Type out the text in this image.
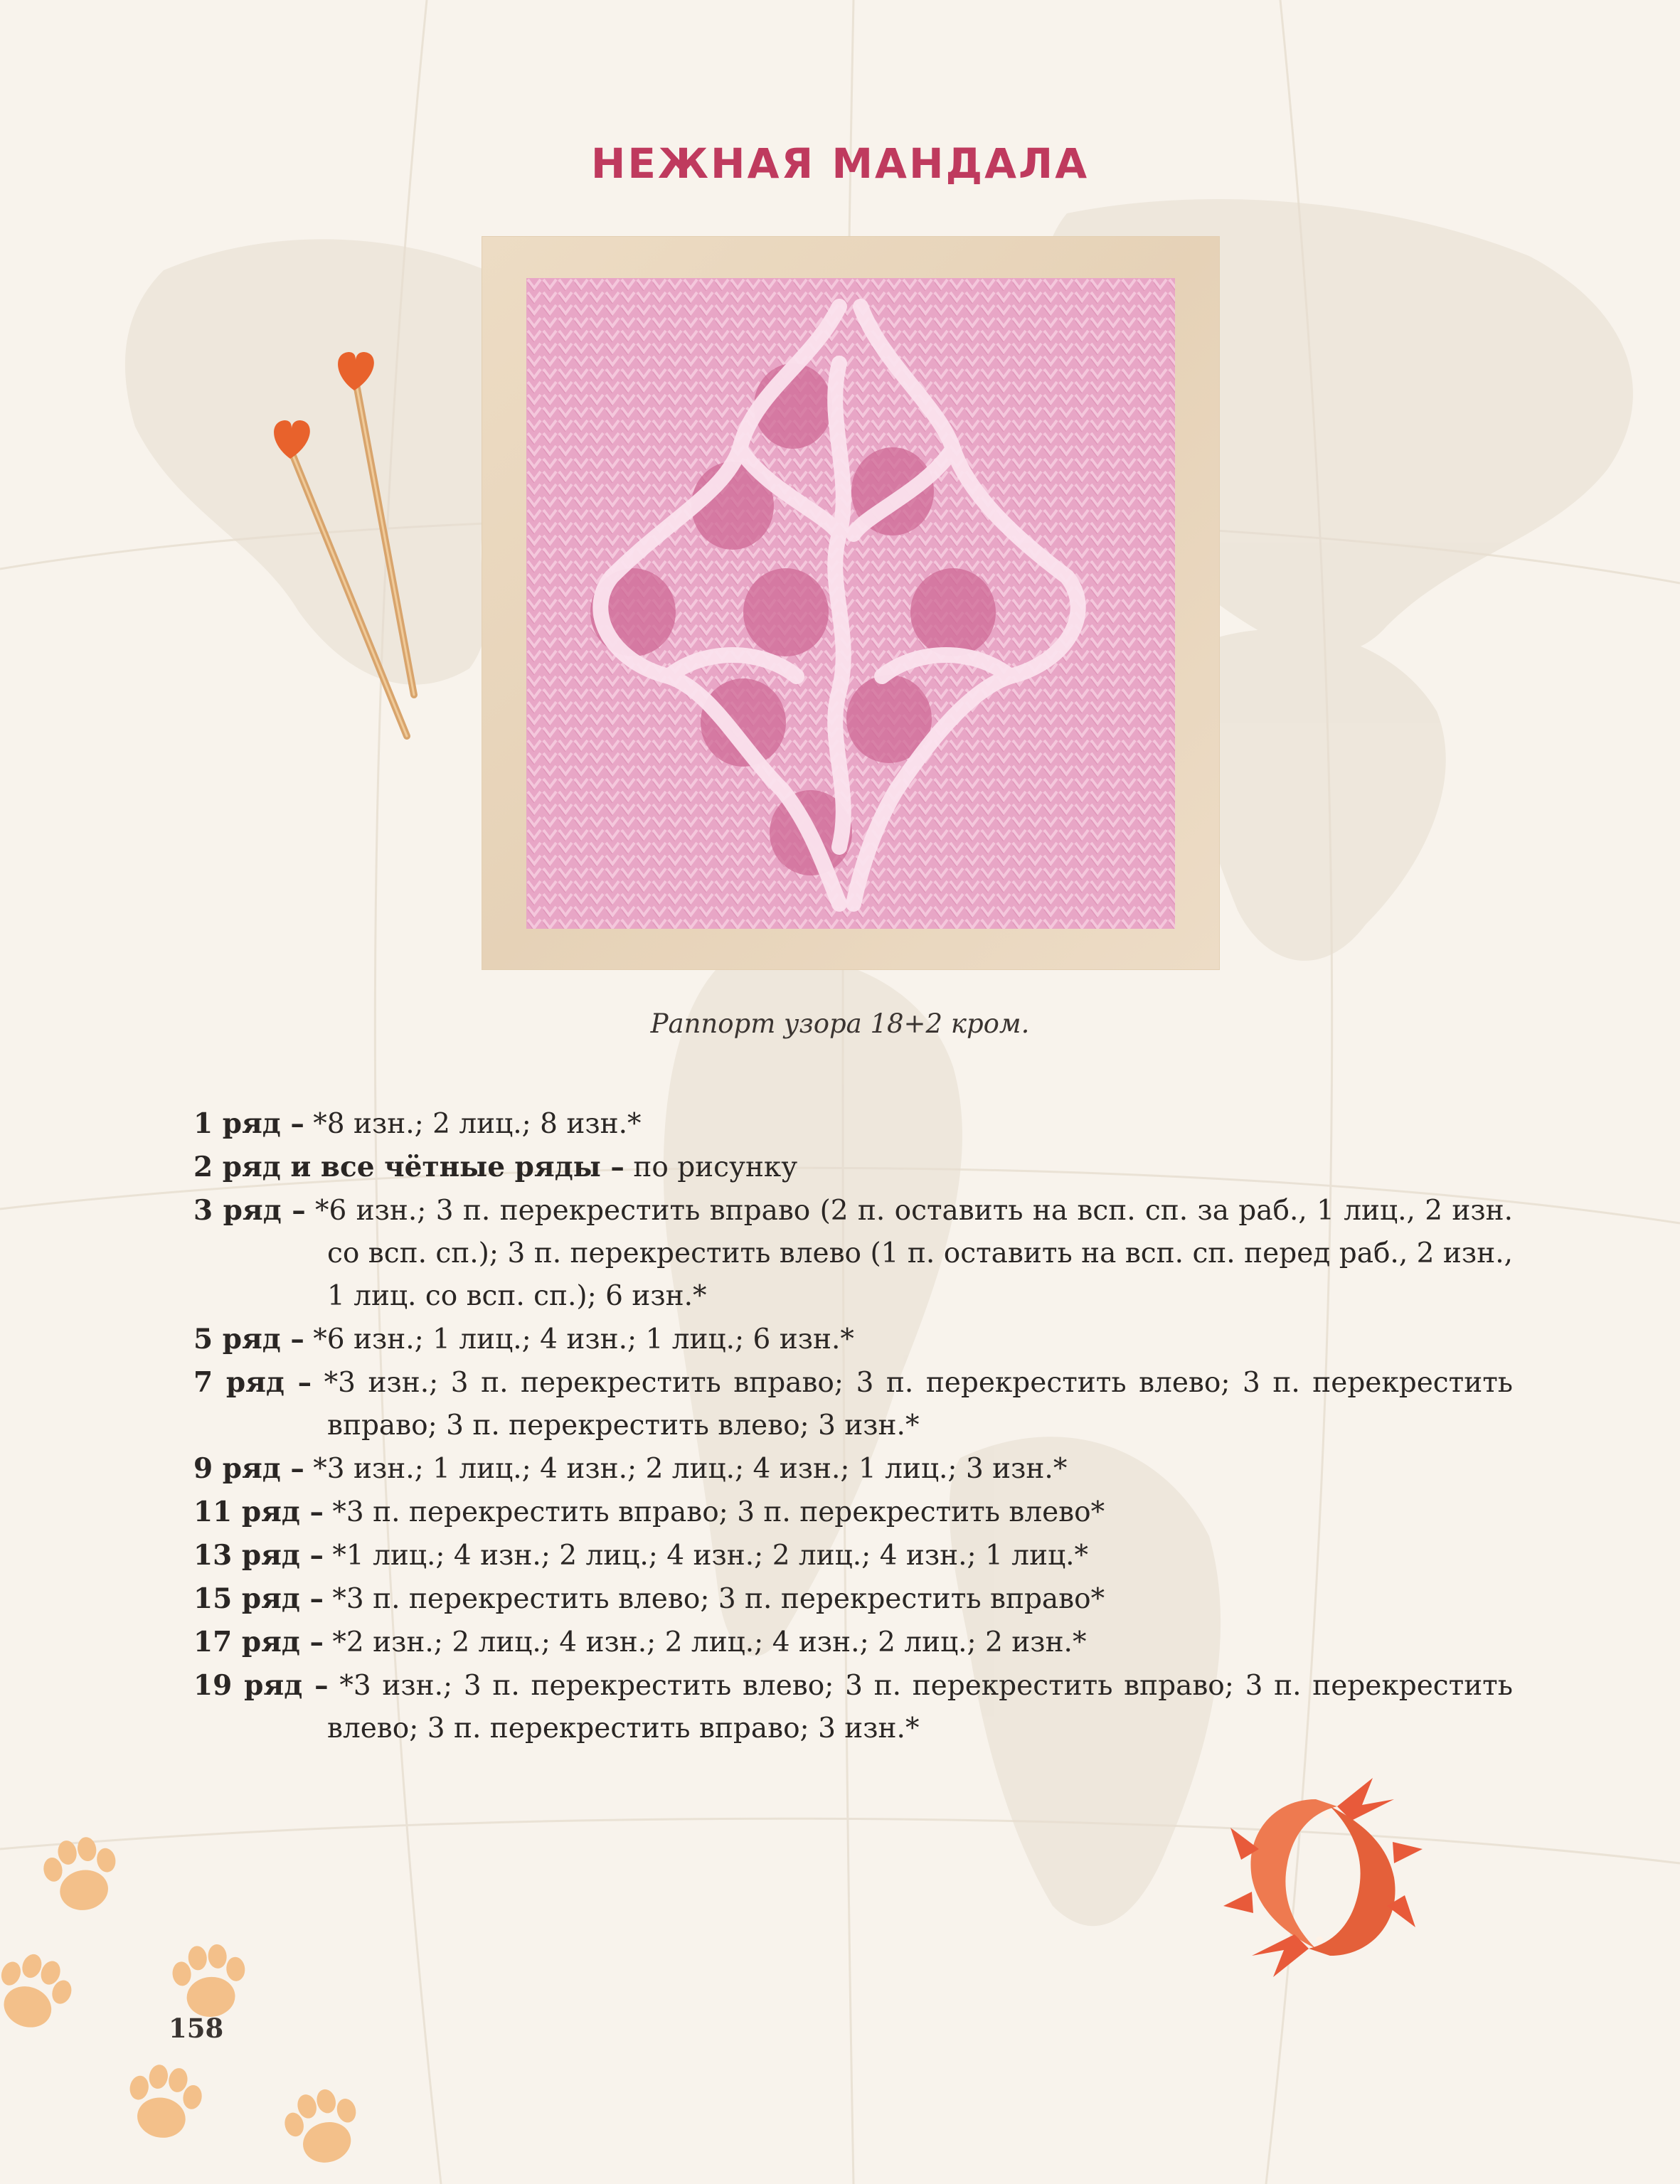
НЕЖНАЯ МАНДАЛА
Раппорт узора 18+2 кром.
1 ряд – *8 изн.; 2 лиц.; 8 изн.*
2 ряд и все чётные ряды – по рисунку
3 ряд – *6 изн.; 3 п. перекрестить вправо (2 п. оставить на всп. сп. за раб., 1 лиц., 2 изн. со всп. сп.); 3 п. перекрестить влево (1 п. оставить на всп. сп. перед раб., 2 изн., 1 лиц. со всп. сп.); 6 изн.*
5 ряд – *6 изн.; 1 лиц.; 4 изн.; 1 лиц.; 6 изн.*
7 ряд – *3 изн.; 3 п. перекрестить вправо; 3 п. перекрестить влево; 3 п. перекрестить вправо; 3 п. перекрестить влево; 3 изн.*
9 ряд – *3 изн.; 1 лиц.; 4 изн.; 2 лиц.; 4 изн.; 1 лиц.; 3 изн.*
11 ряд – *3 п. перекрестить вправо; 3 п. перекрестить влево*
13 ряд – *1 лиц.; 4 изн.; 2 лиц.; 4 изн.; 2 лиц.; 4 изн.; 1 лиц.*
15 ряд – *3 п. перекрестить влево; 3 п. перекрестить вправо*
17 ряд – *2 изн.; 2 лиц.; 4 изн.; 2 лиц.; 4 изн.; 2 лиц.; 2 изн.*
19 ряд – *3 изн.; 3 п. перекрестить влево; 3 п. перекрестить вправо; 3 п. перекрестить влево; 3 п. перекрестить вправо; 3 изн.*
158
